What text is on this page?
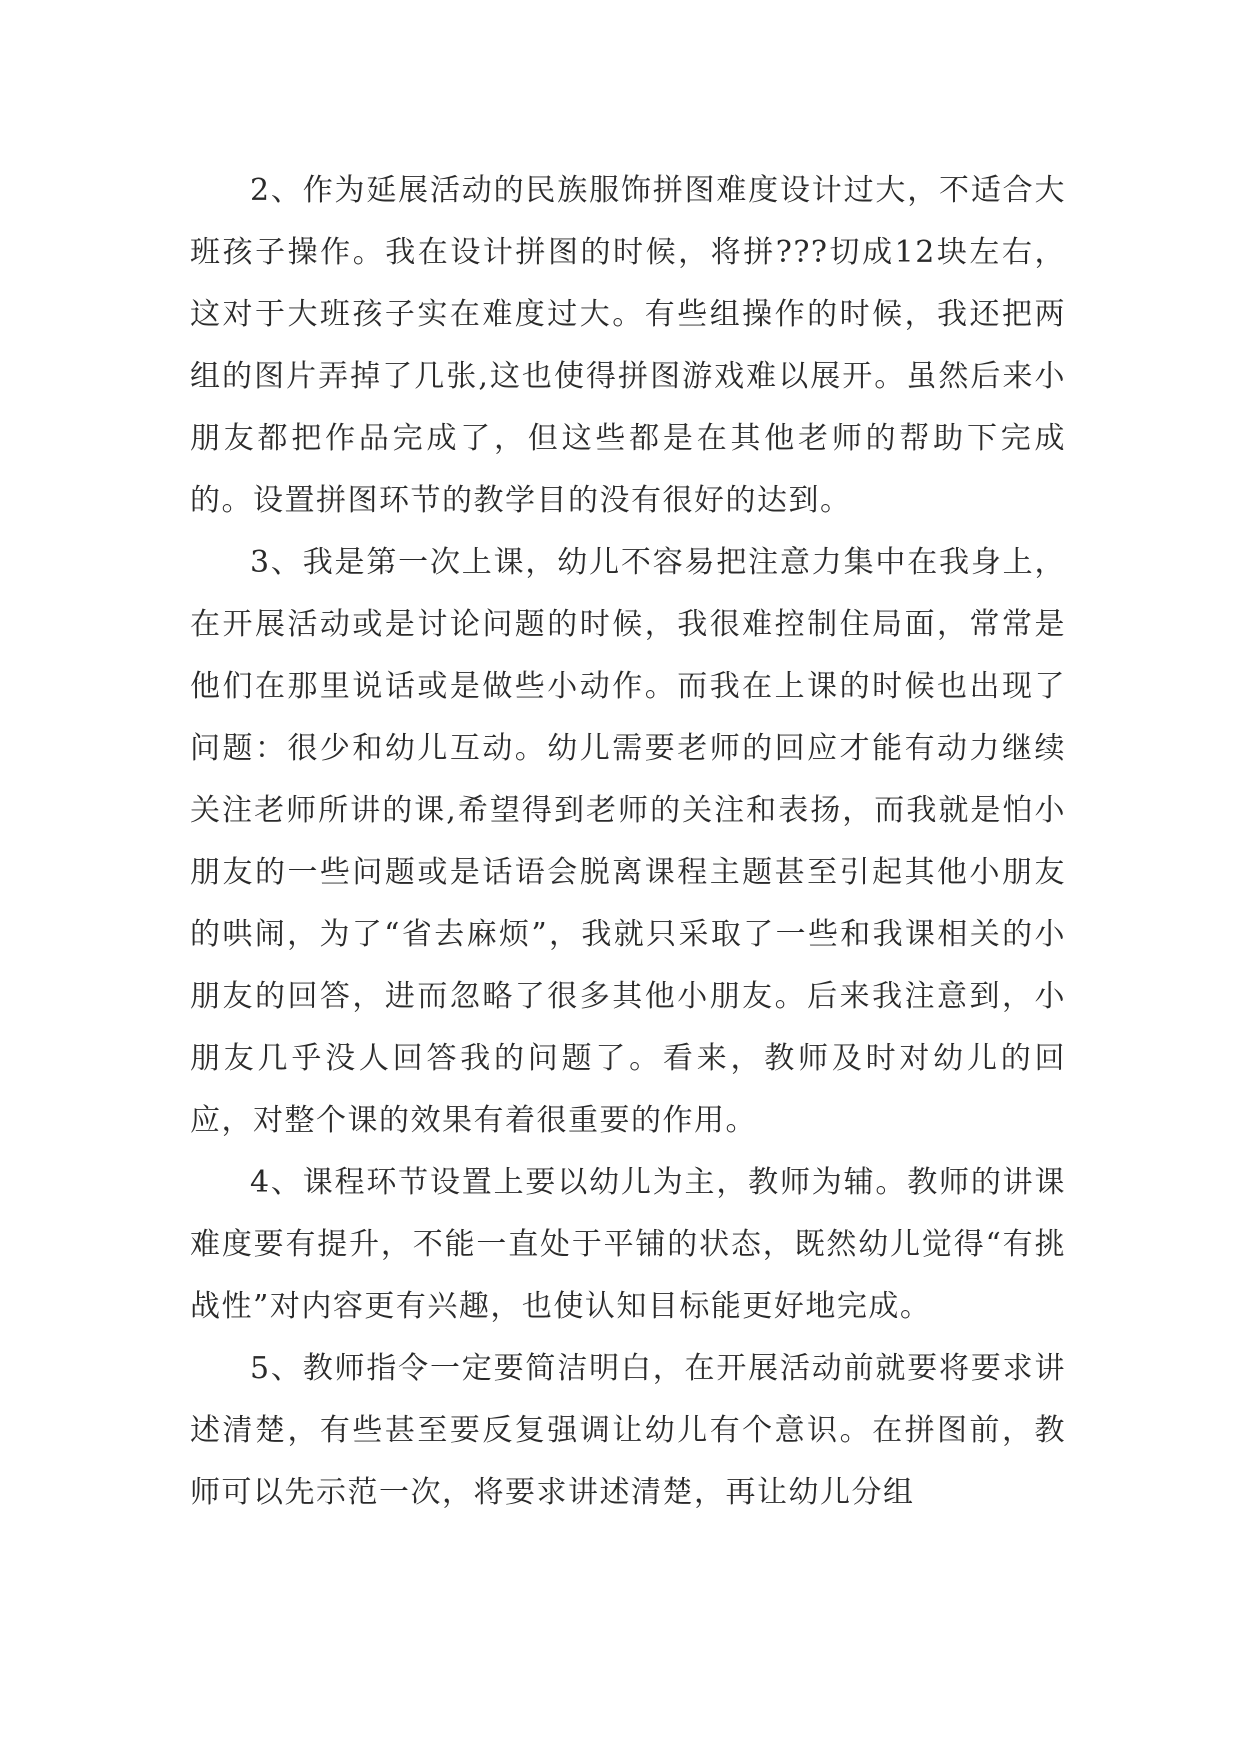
2、作为延展活动的民族服饰拼图难度设计过大，不适合大班孩子操作。我在设计拼图的时候，将拼???切成12块左右，这对于大班孩子实在难度过大。有些组操作的时候，我还把两组的图片弄掉了几张,这也使得拼图游戏难以展开。虽然后来小朋友都把作品完成了，但这些都是在其他老师的帮助下完成的。设置拼图环节的教学目的没有很好的达到。

3、我是第一次上课，幼儿不容易把注意力集中在我身上，在开展活动或是讨论问题的时候，我很难控制住局面，常常是他们在那里说话或是做些小动作。而我在上课的时候也出现了问题：很少和幼儿互动。幼儿需要老师的回应才能有动力继续关注老师所讲的课,希望得到老师的关注和表扬，而我就是怕小朋友的一些问题或是话语会脱离课程主题甚至引起其他小朋友的哄闹，为了“省去麻烦”，我就只采取了一些和我课相关的小朋友的回答，进而忽略了很多其他小朋友。后来我注意到，小朋友几乎没人回答我的问题了。看来，教师及时对幼儿的回应，对整个课的效果有着很重要的作用。

4、课程环节设置上要以幼儿为主，教师为辅。教师的讲课难度要有提升，不能一直处于平铺的状态，既然幼儿觉得“有挑战性”对内容更有兴趣，也使认知目标能更好地完成。

5、教师指令一定要简洁明白，在开展活动前就要将要求讲述清楚，有些甚至要反复强调让幼儿有个意识。在拼图前，教师可以先示范一次，将要求讲述清楚，再让幼儿分组
